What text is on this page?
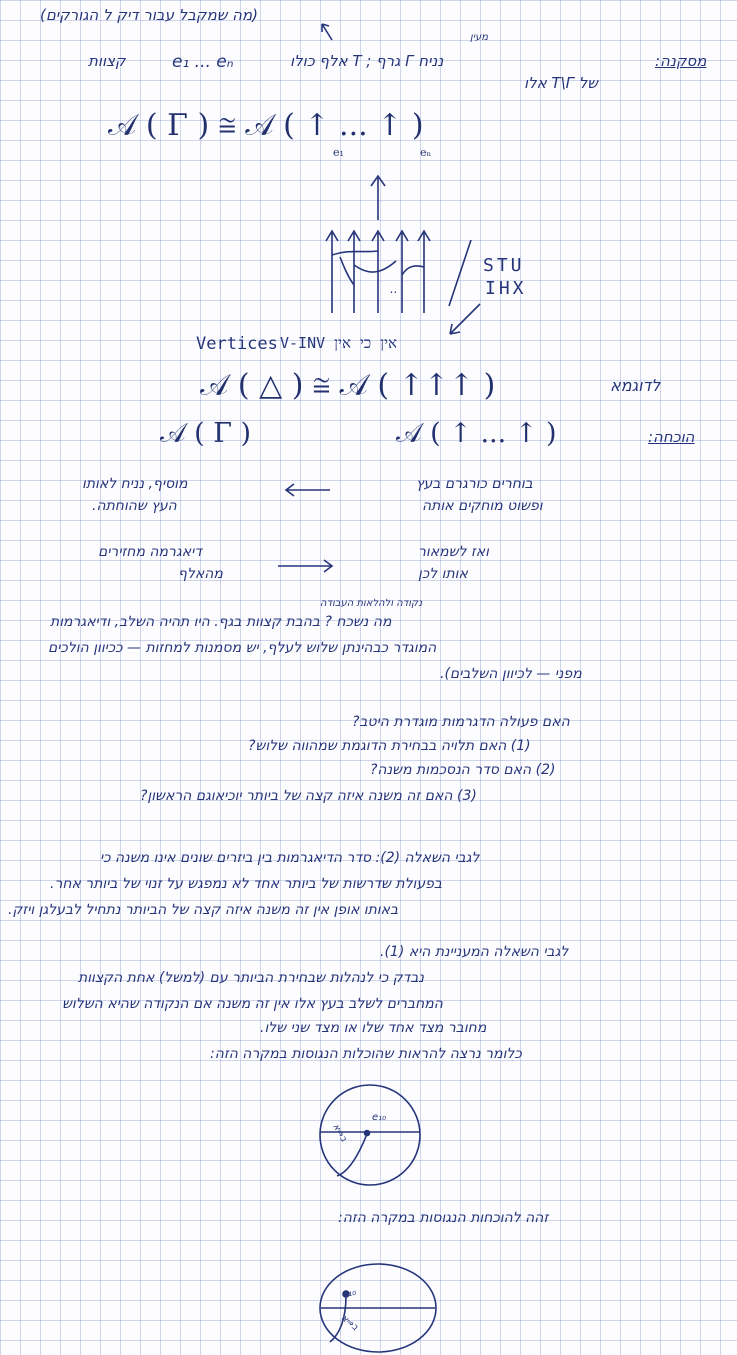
(מה שמקבל עבור דיק ל הגורקים)
מסקנה:
נניח Γ גרף ; T אלף כולו
מעין
e₁ ... eₙ
קצוות
של T\Γ אלו
𝒜 ( Γ ) ≅ 𝒜 ( ↑ ... ↑ )
e₁	eₙ
..
STU
IHX
Vertices אין כי אין V-INV
𝒜 ( △ ) ≅ 𝒜 ( ↑↑↑ )	לדוגמא
𝒜 ( Γ )	𝒜 ( ↑ ... ↑ )	הוכחה:
בוחרים כורגרם בעץ
ופשוט מוחקים אותה
מוסיף, נניח לאותו
העץ שהוחתה.
ואז לשמאור
אותו לכן
דיאגרמה מחזירים
מהאלף
נקודה ולהלאות העבודה
מה נשכח ? בהבת קצוות בגף. היו תהיה השלב, ודיאגרמות
המוגדר כבהינתן שלוש לעלף, יש מסמנות למחזות — ככיוון הולכים
מפני — לכיוון השלבים).
האם פעולה הדגרמות מוגדרת היטב?
(1) האם תלויה בבחירת הדוגמת שמהווה שלוש?
(2) האם סדר הנסכמות משנה?
(3) האם זה משנה איזה קצה של ביותר יוכיאוגם הראשון?
לגבי השאלה (2): סדר הדיאגרמות בין ביזרים שונים אינו משנה כי
בפעולת שדרשות של ביותר אחד לא נמפגש על זנוי של ביותר אחר.
באותו אופן אין זה משנה איזה קצה של הביותר נתחיל לבעלגן ויזק.
לגבי השאלה המעניינת היא (1).
נבדק כי לנהלות שבחירת הביותר עם (למשל) אחת הקצוות
המחברים לשלב בעץ אלו אין זה משנה אם הנקודה שהיא השלוש
מחובר מצד אחד שלו או מצד שני שלו.
כלומר נרצה להראות שהוכלות הנגוסות במקרה הזה:
e₁₀
ב⇒א
זהה להוכחות הנגוסות במקרה הזה:
e₁₀
ב⇒א
